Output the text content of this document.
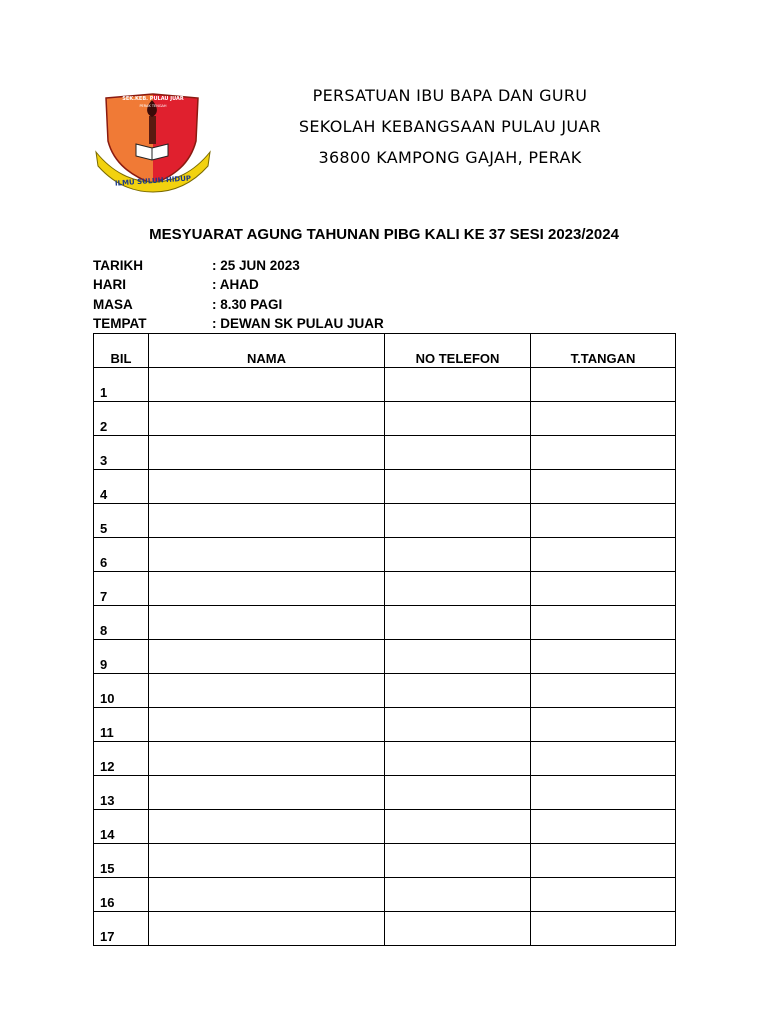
SEK.KEB. PULAU JUAR
PERAK TENGAH
ILMU SULUH HIDUP
PERSATUAN IBU BAPA DAN GURU
SEKOLAH KEBANGSAAN PULAU JUAR
36800 KAMPONG GAJAH, PERAK
MESYUARAT AGUNG TAHUNAN PIBG KALI KE 37 SESI 2023/2024
TARIKH	: 25 JUN 2023
HARI	: AHAD
MASA	: 8.30 PAGI
TEMPAT	: DEWAN SK PULAU JUAR
BIL	NAMA	NO TELEFON	T.TANGAN
1			
2			
3			
4			
5			
6			
7			
8			
9			
10			
11			
12			
13			
14			
15			
16			
17			
